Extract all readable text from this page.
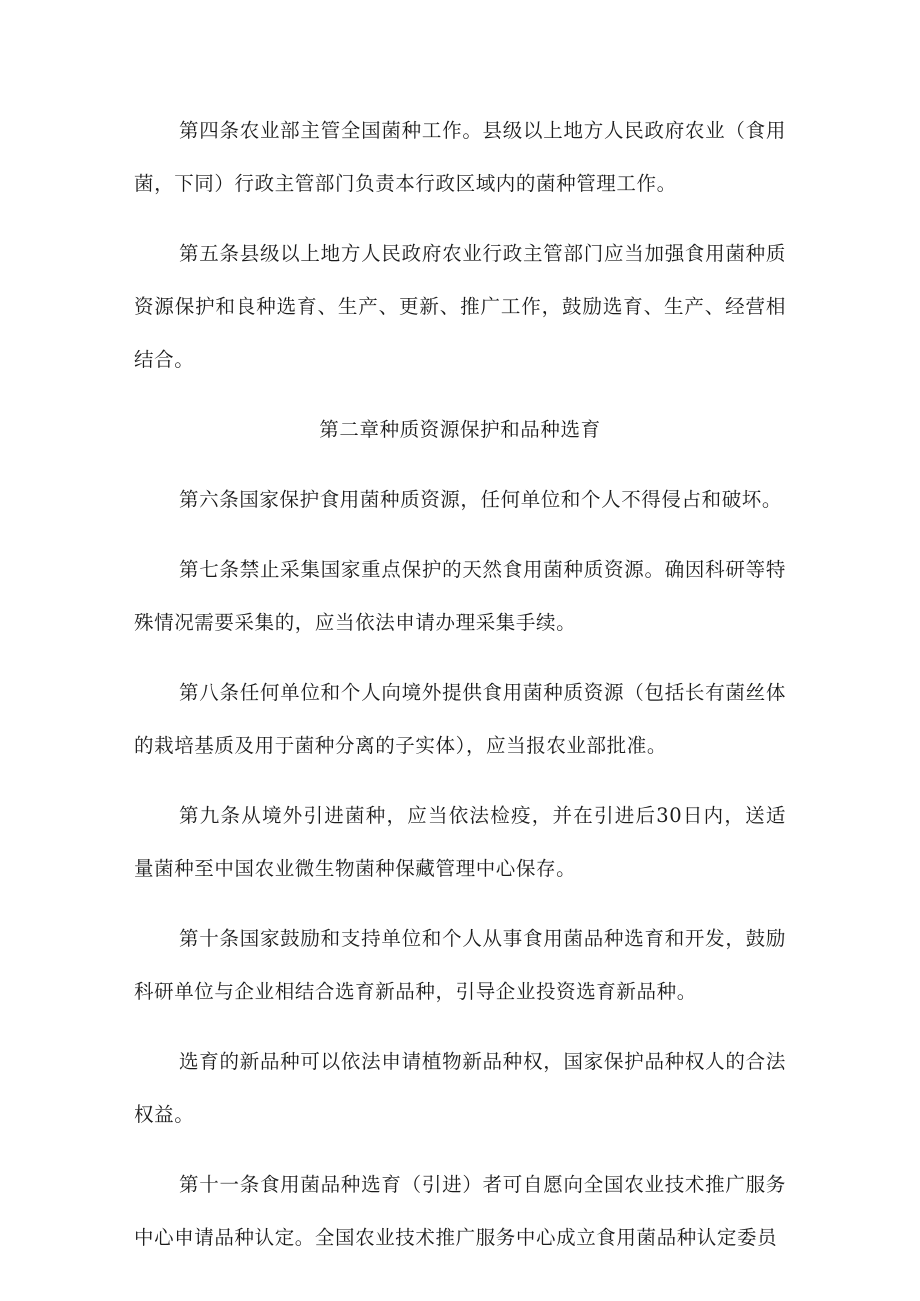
第四条农业部主管全国菌种工作。县级以上地方人民政府农业（食用菌，下同）行政主管部门负责本行政区域内的菌种管理工作。

第五条县级以上地方人民政府农业行政主管部门应当加强食用菌种质资源保护和良种选育、生产、更新、推广工作，鼓励选育、生产、经营相结合。

第二章种质资源保护和品种选育

第六条国家保护食用菌种质资源，任何单位和个人不得侵占和破坏。

第七条禁止采集国家重点保护的天然食用菌种质资源。确因科研等特殊情况需要采集的，应当依法申请办理采集手续。

第八条任何单位和个人向境外提供食用菌种质资源（包括长有菌丝体的栽培基质及用于菌种分离的子实体），应当报农业部批准。

第九条从境外引进菌种，应当依法检疫，并在引进后30日内，送适量菌种至中国农业微生物菌种保藏管理中心保存。

第十条国家鼓励和支持单位和个人从事食用菌品种选育和开发，鼓励科研单位与企业相结合选育新品种，引导企业投资选育新品种。

选育的新品种可以依法申请植物新品种权，国家保护品种权人的合法权益。

第十一条食用菌品种选育（引进）者可自愿向全国农业技术推广服务中心申请品种认定。全国农业技术推广服务中心成立食用菌品种认定委员
